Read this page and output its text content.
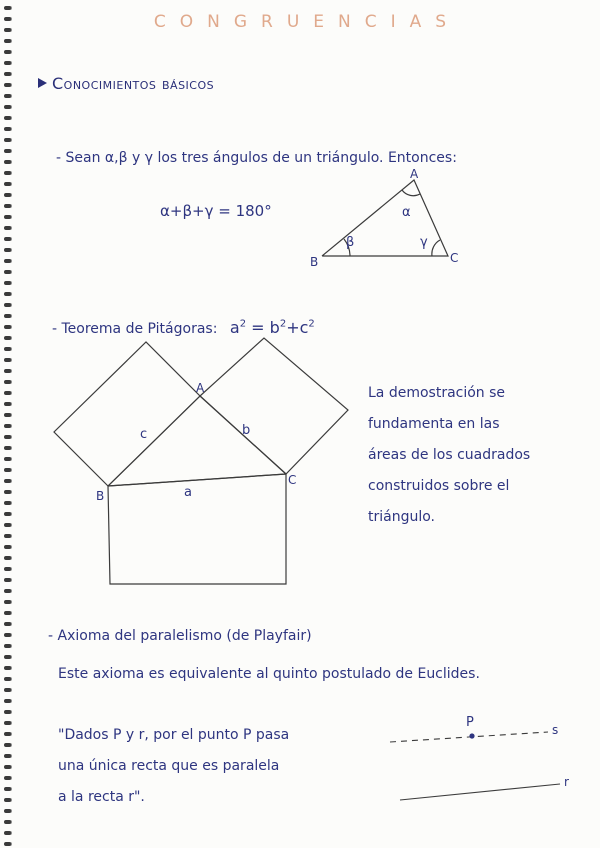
CONGRUENCIAS
Conocimientos básicos
- Sean α,β y γ los tres ángulos de un triángulo. Entonces:
α+β+γ = 180°
- Teorema de Pitágoras: $a^2 = b^2+c^2$
La demostración se
fundamenta en las
áreas de los cuadrados
construidos sobre el
triángulo.
- Axioma del paralelismo (de Playfair)
Este axioma es equivalente al quinto postulado de Euclides.
"Dados P y r, por el punto P pasa
una única recta que es paralela
a la recta r".
A
B	C
α
β	γ
A
B
C
a
b
c
P	s
r
